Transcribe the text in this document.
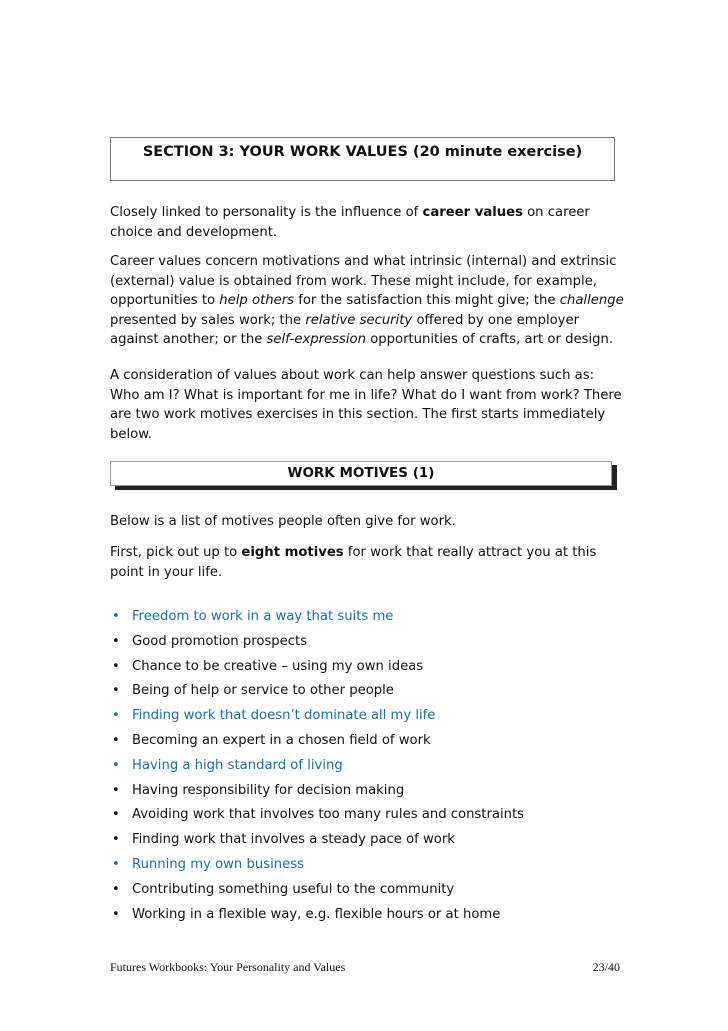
SECTION 3: YOUR WORK VALUES (20 minute exercise)

Closely linked to personality is the influence of career values on career choice and development.

Career values concern motivations and what intrinsic (internal) and extrinsic (external) value is obtained from work. These might include, for example, opportunities to help others for the satisfaction this might give; the challenge presented by sales work; the relative security offered by one employer against another; or the self-expression opportunities of crafts, art or design.

A consideration of values about work can help answer questions such as: Who am I? What is important for me in life? What do I want from work? There are two work motives exercises in this section. The first starts immediately below.

WORK MOTIVES (1)

Below is a list of motives people often give for work.

First, pick out up to eight motives for work that really attract you at this point in your life.

• Freedom to work in a way that suits me
• Good promotion prospects
• Chance to be creative – using my own ideas
• Being of help or service to other people
• Finding work that doesn’t dominate all my life
• Becoming an expert in a chosen field of work
• Having a high standard of living
• Having responsibility for decision making
• Avoiding work that involves too many rules and constraints
• Finding work that involves a steady pace of work
• Running my own business
• Contributing something useful to the community
• Working in a flexible way, e.g. flexible hours or at home
Futures Workbooks: Your Personality and Values	23/40
